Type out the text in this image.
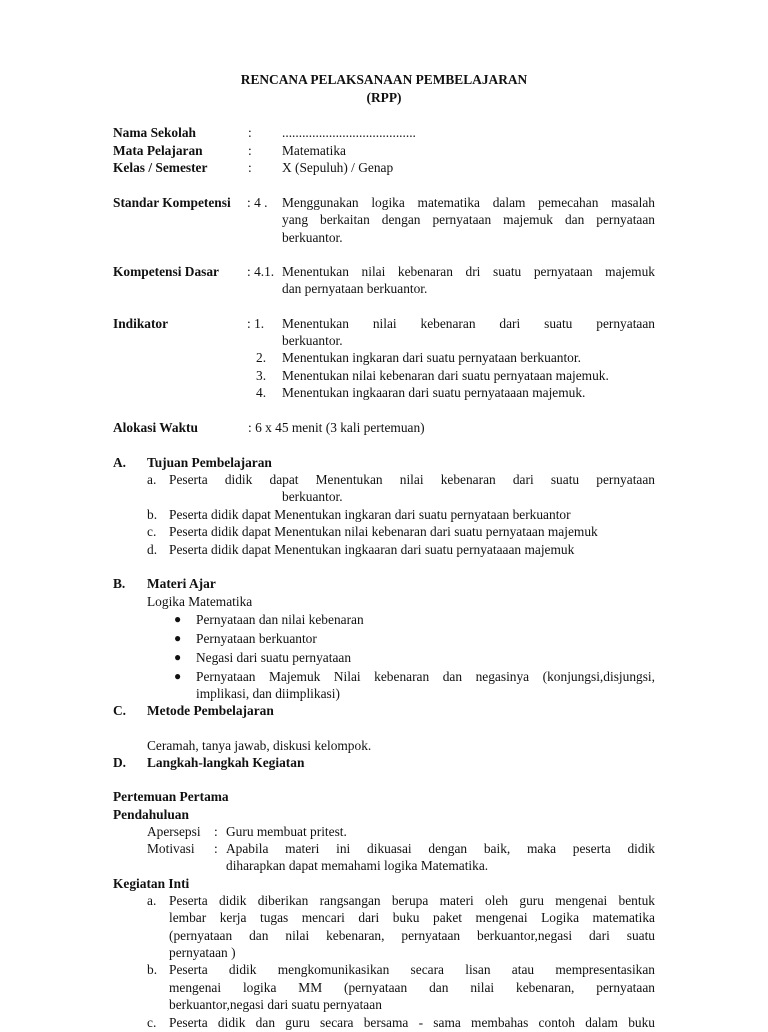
RENCANA PELAKSANAAN PEMBELAJARAN
(RPP)
Nama Sekolah	: ........................................
Mata Pelajaran	: Matematika
Kelas / Semester	: X (Sepuluh) / Genap
Standar Kompetensi : 4 . Menggunakan logika matematika dalam pemecahan masalah
yang berkaitan dengan pernyataan majemuk dan pernyataan
berkuantor.
Kompetensi Dasar : 4.1. Menentukan nilai kebenaran dri suatu pernyataan majemuk
dan pernyataan berkuantor.
Indikator	: 1. Menentukan nilai kebenaran dari suatu pernyataan
berkuantor.
2. Menentukan ingkaran dari suatu pernyataan berkuantor.
3. Menentukan nilai kebenaran dari suatu pernyataan majemuk.
4. Menentukan ingkaaran dari suatu pernyataaan majemuk.
Alokasi Waktu	: 6 x 45 menit (3 kali pertemuan)
A. Tujuan Pembelajaran
a. Peserta didik dapat Menentukan nilai kebenaran dari suatu pernyataan
berkuantor.
b. Peserta didik dapat Menentukan ingkaran dari suatu pernyataan berkuantor
c. Peserta didik dapat Menentukan nilai kebenaran dari suatu pernyataan majemuk
d. Peserta didik dapat Menentukan ingkaaran dari suatu pernyataaan majemuk
B. Materi Ajar
Logika Matematika
● Pernyataan dan nilai kebenaran
● Pernyataan berkuantor
● Negasi dari suatu pernyataan
● Pernyataan Majemuk Nilai kebenaran dan negasinya (konjungsi,disjungsi,
implikasi, dan diimplikasi)
C. Metode Pembelajaran
Ceramah, tanya jawab, diskusi kelompok.
D. Langkah-langkah Kegiatan
Pertemuan Pertama
Pendahuluan
Apersepsi : Guru membuat pritest.
Motivasi : Apabila materi ini dikuasai dengan baik, maka peserta didik
diharapkan dapat memahami logika Matematika.
Kegiatan Inti
a. Peserta didik diberikan rangsangan berupa materi oleh guru mengenai bentuk
lembar kerja tugas mencari dari buku paket mengenai Logika matematika
(pernyataan dan nilai kebenaran, pernyataan berkuantor,negasi dari suatu
pernyataan )
b. Peserta didik mengkomunikasikan secara lisan atau mempresentasikan
mengenai logika MM (pernyataan dan nilai kebenaran, pernyataan
berkuantor,negasi dari suatu pernyataan
c. Peserta didik dan guru secara bersama - sama membahas contoh dalam buku
